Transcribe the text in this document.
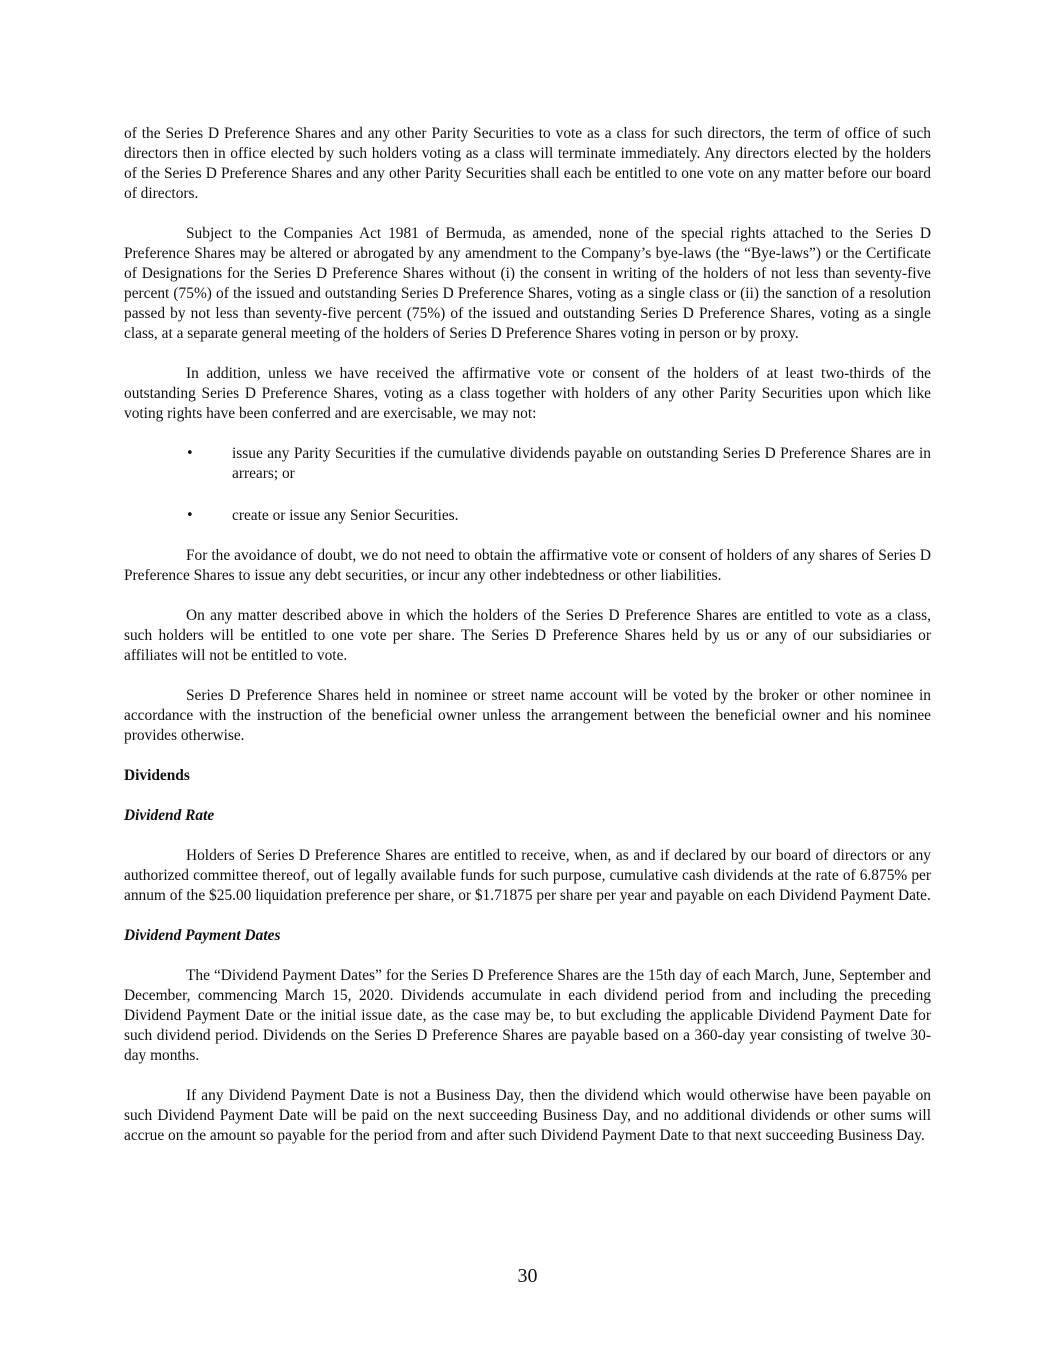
of the Series D Preference Shares and any other Parity Securities to vote as a class for such directors, the term of office of such directors then in office elected by such holders voting as a class will terminate immediately. Any directors elected by the holders of the Series D Preference Shares and any other Parity Securities shall each be entitled to one vote on any matter before our board of directors.

Subject to the Companies Act 1981 of Bermuda, as amended, none of the special rights attached to the Series D Preference Shares may be altered or abrogated by any amendment to the Company’s bye-laws (the “Bye-laws”) or the Certificate of Designations for the Series D Preference Shares without (i) the consent in writing of the holders of not less than seventy-five percent (75%) of the issued and outstanding Series D Preference Shares, voting as a single class or (ii) the sanction of a resolution passed by not less than seventy-five percent (75%) of the issued and outstanding Series D Preference Shares, voting as a single class, at a separate general meeting of the holders of Series D Preference Shares voting in person or by proxy.

In addition, unless we have received the affirmative vote or consent of the holders of at least two-thirds of the outstanding Series D Preference Shares, voting as a class together with holders of any other Parity Securities upon which like voting rights have been conferred and are exercisable, we may not:

• issue any Parity Securities if the cumulative dividends payable on outstanding Series D Preference Shares are in arrears; or
• create or issue any Senior Securities.

For the avoidance of doubt, we do not need to obtain the affirmative vote or consent of holders of any shares of Series D Preference Shares to issue any debt securities, or incur any other indebtedness or other liabilities.

On any matter described above in which the holders of the Series D Preference Shares are entitled to vote as a class, such holders will be entitled to one vote per share. The Series D Preference Shares held by us or any of our subsidiaries or affiliates will not be entitled to vote.

Series D Preference Shares held in nominee or street name account will be voted by the broker or other nominee in accordance with the instruction of the beneficial owner unless the arrangement between the beneficial owner and his nominee provides otherwise.

Dividends

Dividend Rate

Holders of Series D Preference Shares are entitled to receive, when, as and if declared by our board of directors or any authorized committee thereof, out of legally available funds for such purpose, cumulative cash dividends at the rate of 6.875% per annum of the $25.00 liquidation preference per share, or $1.71875 per share per year and payable on each Dividend Payment Date.

Dividend Payment Dates

The “Dividend Payment Dates” for the Series D Preference Shares are the 15th day of each March, June, September and December, commencing March 15, 2020. Dividends accumulate in each dividend period from and including the preceding Dividend Payment Date or the initial issue date, as the case may be, to but excluding the applicable Dividend Payment Date for such dividend period. Dividends on the Series D Preference Shares are payable based on a 360-day year consisting of twelve 30-day months.

If any Dividend Payment Date is not a Business Day, then the dividend which would otherwise have been payable on such Dividend Payment Date will be paid on the next succeeding Business Day, and no additional dividends or other sums will accrue on the amount so payable for the period from and after such Dividend Payment Date to that next succeeding Business Day.

30
